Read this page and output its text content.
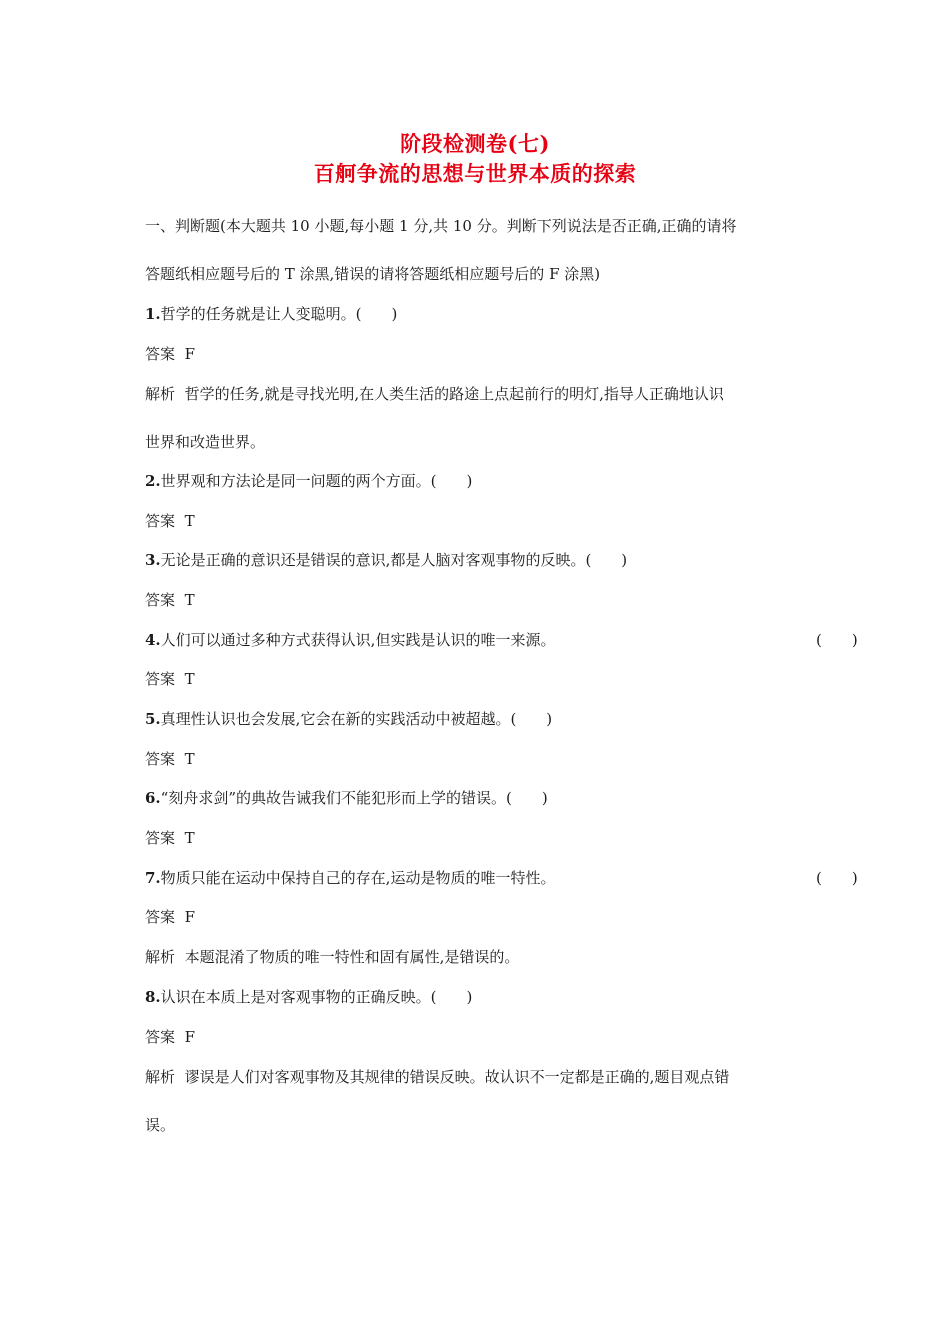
阶段检测卷(七)
百舸争流的思想与世界本质的探索
一、判断题(本大题共 10 小题,每小题 1 分,共 10 分。判断下列说法是否正确,正确的请将
答题纸相应题号后的 T 涂黑,错误的请将答题纸相应题号后的 F 涂黑)
1.哲学的任务就是让人变聪明。(　　)
答案 F
解析 哲学的任务,就是寻找光明,在人类生活的路途上点起前行的明灯,指导人正确地认识
世界和改造世界。
2.世界观和方法论是同一问题的两个方面。(　　)
答案 T
3.无论是正确的意识还是错误的意识,都是人脑对客观事物的反映。(　　)
答案 T
4.人们可以通过多种方式获得认识,但实践是认识的唯一来源。	(　　)
答案 T
5.真理性认识也会发展,它会在新的实践活动中被超越。(　　)
答案 T
6.“刻舟求剑”的典故告诫我们不能犯形而上学的错误。(　　)
答案 T
7.物质只能在运动中保持自己的存在,运动是物质的唯一特性。	(　　)
答案 F
解析 本题混淆了物质的唯一特性和固有属性,是错误的。
8.认识在本质上是对客观事物的正确反映。(　　)
答案 F
解析 谬误是人们对客观事物及其规律的错误反映。故认识不一定都是正确的,题目观点错
误。
